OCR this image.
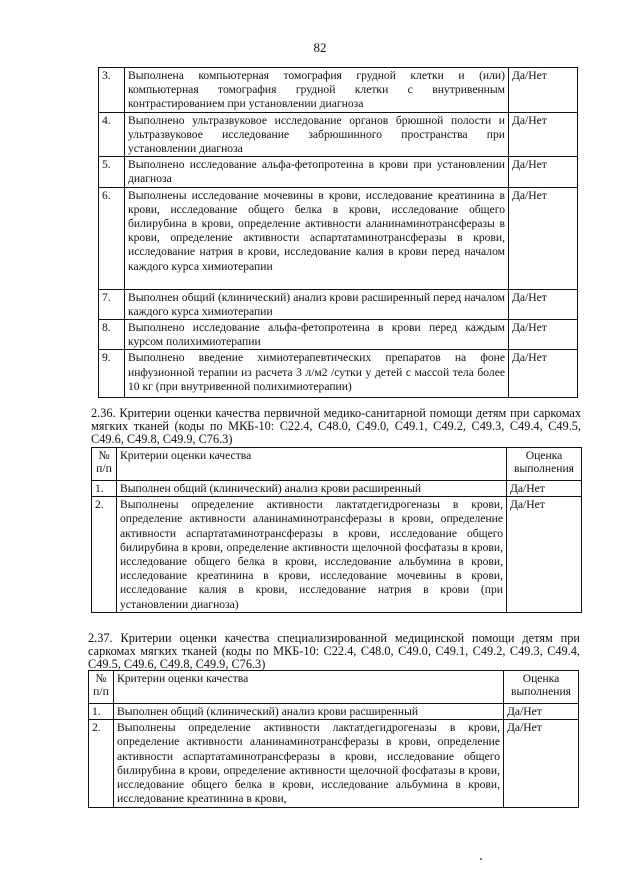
82
3.	Выполнена компьютерная томография грудной клетки и (или) компьютерная томография грудной клетки с внутривенным контрастированием при установлении диагноза	Да/Нет
4.	Выполнено ультразвуковое исследование органов брюшной полости и ультразвуковое исследование забрюшинного пространства при установлении диагноза	Да/Нет
5.	Выполнено исследование альфа-фетопротеина в крови при установлении диагноза	Да/Нет
6.	Выполнены исследование мочевины в крови, исследование креатинина в крови, исследование общего белка в крови, исследование общего билирубина в крови, определение активности аланинаминотрансферазы в крови, определение активности аспартатаминотрансферазы в крови, исследование натрия в крови, исследование калия в крови перед началом каждого курса химиотерапии	Да/Нет
7.	Выполнен общий (клинический) анализ крови расширенный перед началом каждого курса химиотерапии	Да/Нет
8.	Выполнено исследование альфа-фетопротеина в крови перед каждым курсом полихимиотерапии	Да/Нет
9.	Выполнено введение химиотерапевтических препаратов на фоне инфузионной терапии из расчета 3 л/м2 /сутки у детей с массой тела более 10 кг (при внутривенной полихимиотерапии)	Да/Нет
2.36. Критерии оценки качества первичной медико-санитарной помощи детям при саркомах мягких тканей (коды по МКБ-10: C22.4, C48.0, C49.0, C49.1, C49.2, C49.3, C49.4, C49.5, C49.6, C49.8, C49.9, C76.3)
№ п/п	Критерии оценки качества	Оценка выполнения
1.	Выполнен общий (клинический) анализ крови расширенный	Да/Нет
2.	Выполнены определение активности лактатдегидрогеназы в крови, определение активности аланинаминотрансферазы в крови, определение активности аспартатаминотрансферазы в крови, исследование общего билирубина в крови, определение активности щелочной фосфатазы в крови, исследование общего белка в крови, исследование альбумина в крови, исследование креатинина в крови, исследование мочевины в крови, исследование калия в крови, исследование натрия в крови (при установлении диагноза)	Да/Нет
2.37. Критерии оценки качества специализированной медицинской помощи детям при саркомах мягких тканей (коды по МКБ-10: C22.4, C48.0, C49.0, C49.1, C49.2, C49.3, C49.4, C49.5, C49.6, C49.8, C49.9, C76.3)
№ п/п	Критерии оценки качества	Оценка выполнения
1.	Выполнен общий (клинический) анализ крови расширенный	Да/Нет
2.	Выполнены определение активности лактатдегидрогеназы в крови, определение активности аланинаминотрансферазы в крови, определение активности аспартатаминотрансферазы в крови, исследование общего билирубина в крови, определение активности щелочной фосфатазы в крови, исследование общего белка в крови, исследование альбумина в крови, исследование креатинина в крови,	Да/Нет
